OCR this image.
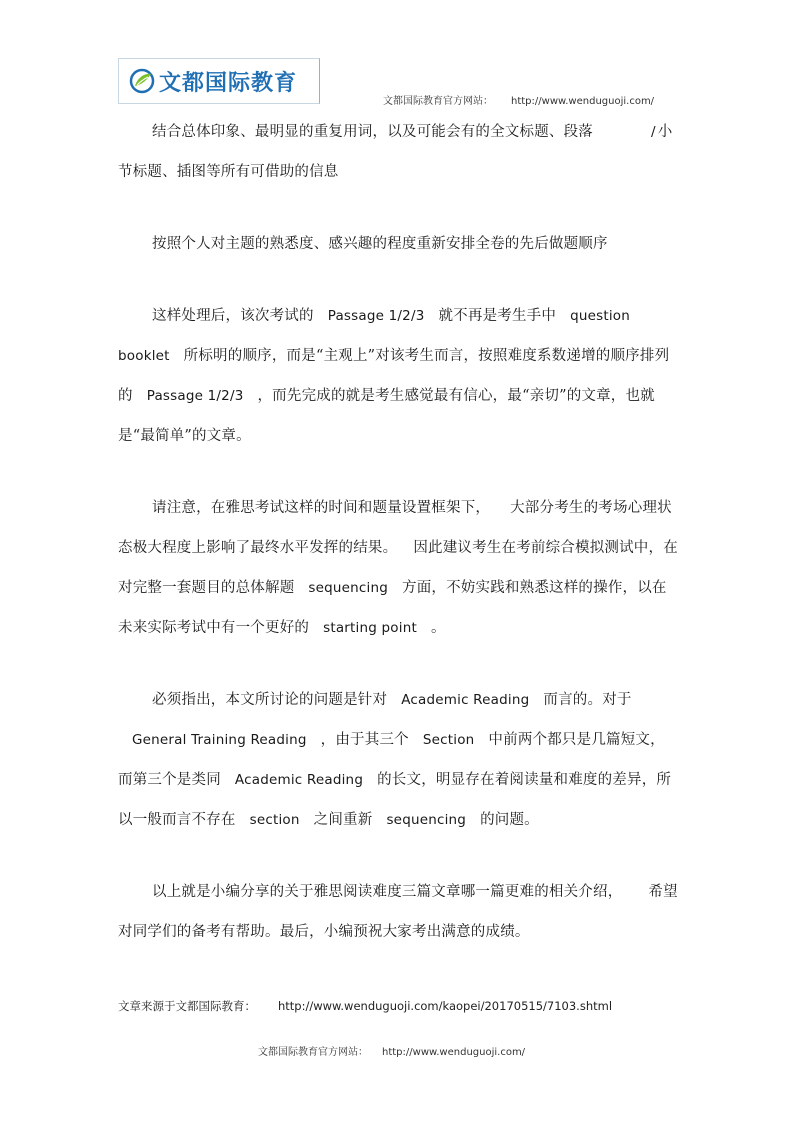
文都国际教育
文都国际教育官方网站： http://www.wenduguoji.com/

结合总体印象、最明显的重复用词，以及可能会有的全文标题、段落	/ 小节标题、插图等所有可借助的信息

按照个人对主题的熟悉度、感兴趣的程度重新安排全卷的先后做题顺序

这样处理后，该次考试的 Passage 1/2/3 就不再是考生手中 question booklet 所标明的顺序，而是“主观上”对该考生而言，按照难度系数递增的顺序排列的 Passage 1/2/3 ，而先完成的就是考生感觉最有信心，最“亲切”的文章，也就是“最简单”的文章。

请注意，在雅思考试这样的时间和题量设置框架下， 大部分考生的考场心理状态极大程度上影响了最终水平发挥的结果。 因此建议考生在考前综合模拟测试中，在对完整一套题目的总体解题 sequencing 方面，不妨实践和熟悉这样的操作，以在未来实际考试中有一个更好的 starting point 。

必须指出，本文所讨论的问题是针对 Academic Reading 而言的。对于General Training Reading ，由于其三个 Section 中前两个都只是几篇短文，而第三个是类同 Academic Reading 的长文，明显存在着阅读量和难度的差异，所以一般而言不存在 section 之间重新 sequencing 的问题。

以上就是小编分享的关于雅思阅读难度三篇文章哪一篇更难的相关介绍， 希望对同学们的备考有帮助。最后，小编预祝大家考出满意的成绩。

文章来源于文都国际教育： http://www.wenduguoji.com/kaopei/20170515/7103.shtml
文都国际教育官方网站： http://www.wenduguoji.com/
